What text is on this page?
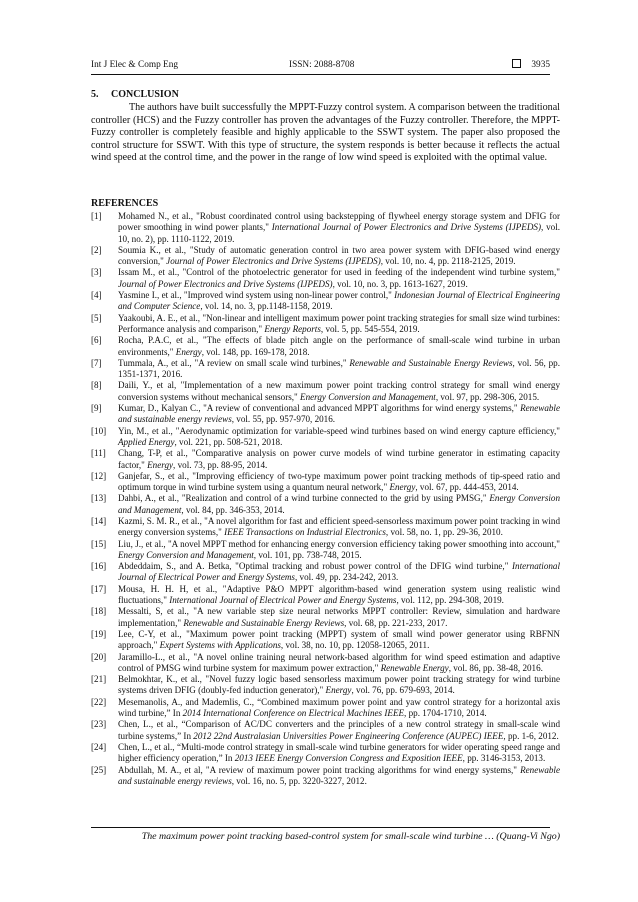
Int J Elec & Comp Eng	ISSN: 2088-8708	3935
5. CONCLUSION

The authors have built successfully the MPPT-Fuzzy control system. A comparison between the traditional controller (HCS) and the Fuzzy controller has proven the advantages of the Fuzzy controller. Therefore, the MPPT-Fuzzy controller is completely feasible and highly applicable to the SSWT system. The paper also proposed the control structure for SSWT. With this type of structure, the system responds is better because it reflects the actual wind speed at the control time, and the power in the range of low wind speed is exploited with the optimal value.

REFERENCES
[1] Mohamed N., et al., "Robust coordinated control using backstepping of flywheel energy storage system and DFIG for power smoothing in wind power plants," International Journal of Power Electronics and Drive Systems (IJPEDS), vol. 10, no. 2), pp. 1110-1122, 2019.
[2] Soumia K., et al., "Study of automatic generation control in two area power system with DFIG-based wind energy conversion," Journal of Power Electronics and Drive Systems (IJPEDS), vol. 10, no. 4, pp. 2118-2125, 2019.
[3] Issam M., et al., "Control of the photoelectric generator for used in feeding of the independent wind turbine system," Journal of Power Electronics and Drive Systems (IJPEDS), vol. 10, no. 3, pp. 1613-1627, 2019.
[4] Yasmine I., et al., "Improved wind system using non-linear power control," Indonesian Journal of Electrical Engineering and Computer Science, vol. 14, no. 3, pp.1148-1158, 2019.
[5] Yaakoubi, A. E., et al., "Non-linear and intelligent maximum power point tracking strategies for small size wind turbines: Performance analysis and comparison," Energy Reports, vol. 5, pp. 545-554, 2019.
[6] Rocha, P.A.C, et al., "The effects of blade pitch angle on the performance of small-scale wind turbine in urban environments," Energy, vol. 148, pp. 169-178, 2018.
[7] Tummala, A., et al., "A review on small scale wind turbines," Renewable and Sustainable Energy Reviews, vol. 56, pp. 1351-1371, 2016.
[8] Daili, Y., et al, "Implementation of a new maximum power point tracking control strategy for small wind energy conversion systems without mechanical sensors," Energy Conversion and Management, vol. 97, pp. 298-306, 2015.
[9] Kumar, D., Kalyan C., "A review of conventional and advanced MPPT algorithms for wind energy systems," Renewable and sustainable energy reviews, vol. 55, pp. 957-970, 2016.
[10] Yin, M., et al., "Aerodynamic optimization for variable-speed wind turbines based on wind energy capture efficiency," Applied Energy, vol. 221, pp. 508-521, 2018.
[11] Chang, T-P, et al., "Comparative analysis on power curve models of wind turbine generator in estimating capacity factor," Energy, vol. 73, pp. 88-95, 2014.
[12] Ganjefar, S., et al., "Improving efficiency of two-type maximum power point tracking methods of tip-speed ratio and optimum torque in wind turbine system using a quantum neural network," Energy, vol. 67, pp. 444-453, 2014.
[13] Dahbi, A., et al., "Realization and control of a wind turbine connected to the grid by using PMSG," Energy Conversion and Management, vol. 84, pp. 346-353, 2014.
[14] Kazmi, S. M. R., et al., "A novel algorithm for fast and efficient speed-sensorless maximum power point tracking in wind energy conversion systems," IEEE Transactions on Industrial Electronics, vol. 58, no. 1, pp. 29-36, 2010.
[15] Liu, J., et al., "A novel MPPT method for enhancing energy conversion efficiency taking power smoothing into account," Energy Conversion and Management, vol. 101, pp. 738-748, 2015.
[16] Abdeddaim, S., and A. Betka, "Optimal tracking and robust power control of the DFIG wind turbine," International Journal of Electrical Power and Energy Systems, vol. 49, pp. 234-242, 2013.
[17] Mousa, H. H. H, et al., "Adaptive P&O MPPT algorithm-based wind generation system using realistic wind fluctuations," International Journal of Electrical Power and Energy Systems, vol. 112, pp. 294-308, 2019.
[18] Messalti, S, et al., "A new variable step size neural networks MPPT controller: Review, simulation and hardware implementation," Renewable and Sustainable Energy Reviews, vol. 68, pp. 221-233, 2017.
[19] Lee, C-Y, et al., "Maximum power point tracking (MPPT) system of small wind power generator using RBFNN approach," Expert Systems with Applications, vol. 38, no. 10, pp. 12058-12065, 2011.
[20] Jaramillo-L., et al., "A novel online training neural network-based algorithm for wind speed estimation and adaptive control of PMSG wind turbine system for maximum power extraction," Renewable Energy, vol. 86, pp. 38-48, 2016.
[21] Belmokhtar, K., et al., "Novel fuzzy logic based sensorless maximum power point tracking strategy for wind turbine systems driven DFIG (doubly-fed induction generator)," Energy, vol. 76, pp. 679-693, 2014.
[22] Mesemanolis, A., and Mademlis, C., “Combined maximum power point and yaw control strategy for a horizontal axis wind turbine,” In 2014 International Conference on Electrical Machines IEEE, pp. 1704-1710, 2014.
[23] Chen, L., et al., “Comparison of AC/DC converters and the principles of a new control strategy in small-scale wind turbine systems,” In 2012 22nd Australasian Universities Power Engineering Conference (AUPEC) IEEE, pp. 1-6, 2012.
[24] Chen, L., et al., “Multi-mode control strategy in small-scale wind turbine generators for wider operating speed range and higher efficiency operation,” In 2013 IEEE Energy Conversion Congress and Exposition IEEE, pp. 3146-3153, 2013.
[25] Abdullah, M. A., et al, "A review of maximum power point tracking algorithms for wind energy systems," Renewable and sustainable energy reviews, vol. 16, no. 5, pp. 3220-3227, 2012.
The maximum power point tracking based-control system for small-scale wind turbine … (Quang-Vi Ngo)
